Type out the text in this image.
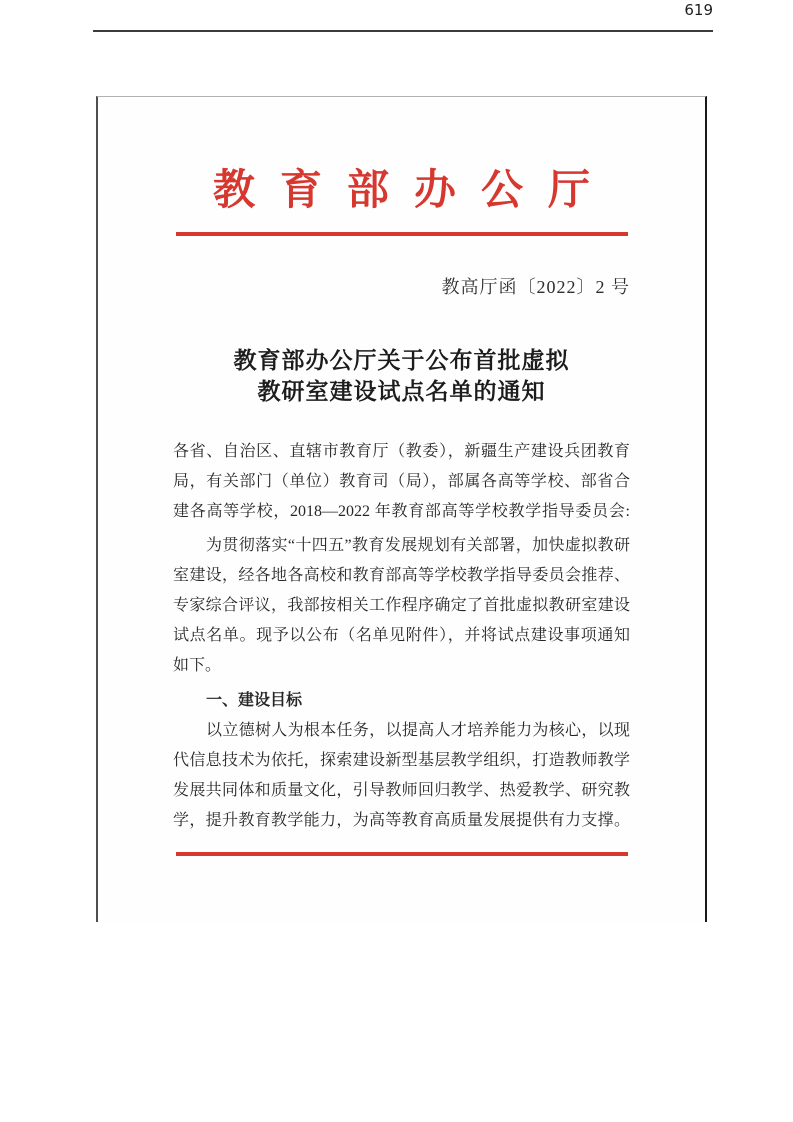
619
教育部办公厅
教高厅函〔2022〕2 号
教育部办公厅关于公布首批虚拟
教研室建设试点名单的通知
各省、自治区、直辖市教育厅（教委），新疆生产建设兵团教育
局，有关部门（单位）教育司（局），部属各高等学校、部省合
建各高等学校，2018—2022 年教育部高等学校教学指导委员会:
为贯彻落实“十四五”教育发展规划有关部署，加快虚拟教研
室建设，经各地各高校和教育部高等学校教学指导委员会推荐、
专家综合评议，我部按相关工作程序确定了首批虚拟教研室建设
试点名单。现予以公布（名单见附件），并将试点建设事项通知
如下。
一、建设目标
以立德树人为根本任务，以提高人才培养能力为核心，以现
代信息技术为依托，探索建设新型基层教学组织，打造教师教学
发展共同体和质量文化，引导教师回归教学、热爱教学、研究教
学，提升教育教学能力，为高等教育高质量发展提供有力支撑。
